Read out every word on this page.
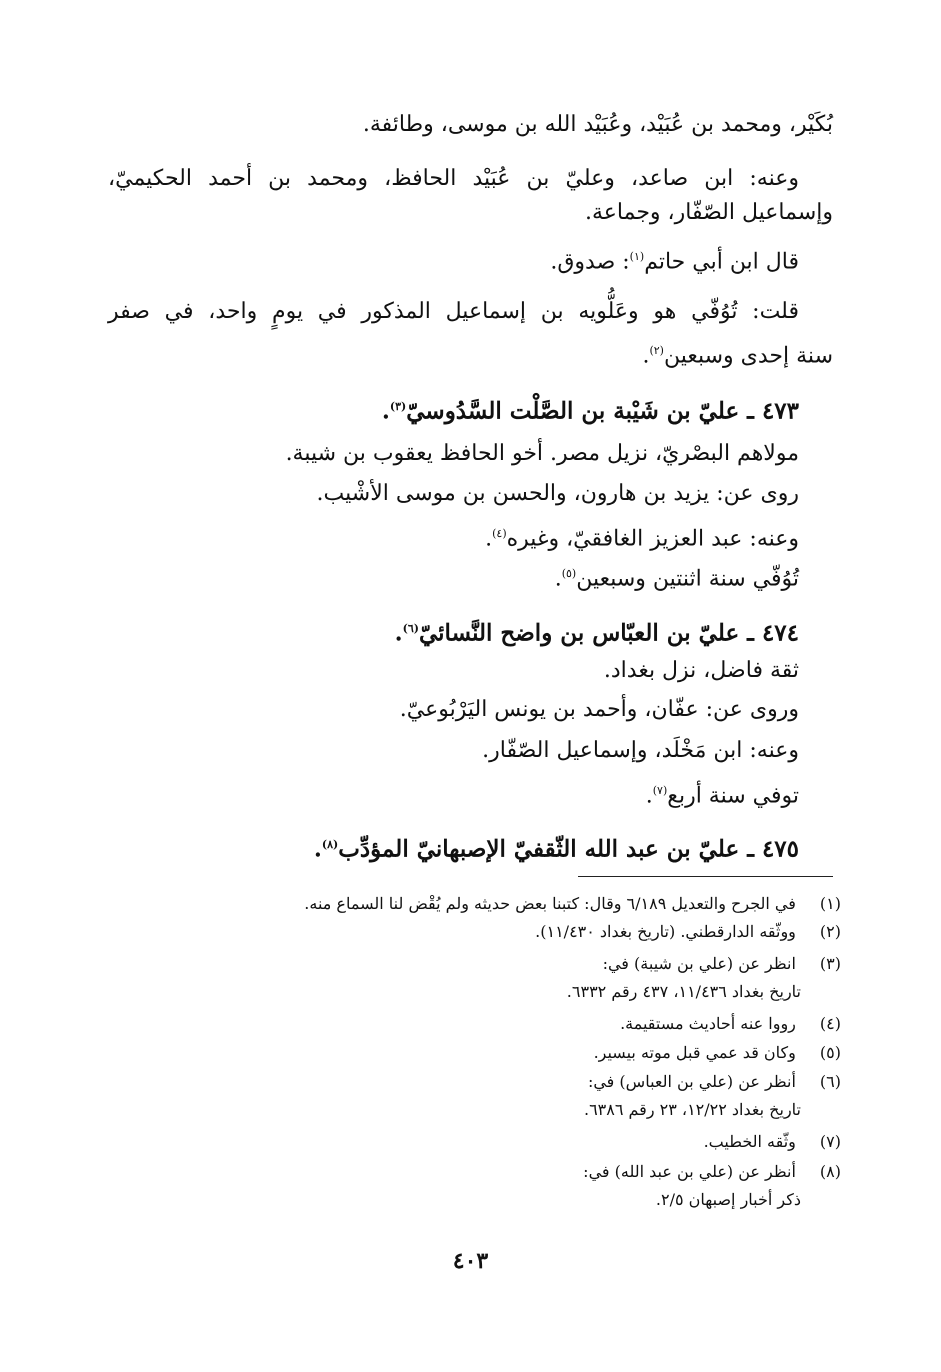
بُكَيْر، ومحمد بن عُبَيْد، وعُبَيْد الله بن موسى، وطائفة.
وعنه: ابن صاعد، وعليّ بن عُبَيْد الحافظ، ومحمد بن أحمد الحكيميّ،
وإسماعيل الصّفّار، وجماعة.
قال ابن أبي حاتم$^{(١)}$: صدوق.
قلت: تُوُفّي هو وعَلُّويه بن إسماعيل المذكور في يومٍ واحد، في صفر
سنة إحدى وسبعين$^{(٢)}$.
٤٧٣ ـ عليّ بن شَيْبة بن الصَّلْت السَّدُوسيّ$^{(٣)}$.
مولاهم البصْريّ، نزيل مصر. أخو الحافظ يعقوب بن شيبة.
روى عن: يزيد بن هارون، والحسن بن موسى الأشْيب.
وعنه: عبد العزيز الغافقيّ، وغيره$^{(٤)}$.
تُوُفّي سنة اثنتين وسبعين$^{(٥)}$.
٤٧٤ ـ عليّ بن العبّاس بن واضح النَّسائيّ$^{(٦)}$.
ثقة فاضل، نزل بغداد.
وروى عن: عفّان، وأحمد بن يونس اليَرْبُوعيّ.
وعنه: ابن مَخْلَد، وإسماعيل الصّفّار.
توفي سنة أربع$^{(٧)}$.
٤٧٥ ـ عليّ بن عبد الله الثّقفيّ الإصبهانيّ المؤدِّب$^{(٨)}$.
(١) في الجرح والتعديل ٦/١٨٩ وقال: كتبنا بعض حديثه ولم يُقْض لنا السماع منه.
(٢) ووثّقه الدارقطني. (تاريخ بغداد ١١/٤٣٠).
(٣) انظر عن (علي بن شيبة) في:
تاريخ بغداد ١١/٤٣٦، ٤٣٧ رقم ٦٣٣٢.
(٤) رووا عنه أحاديث مستقيمة.
(٥) وكان قد عمي قبل موته بيسير.
(٦) أنظر عن (علي بن العباس) في:
تاريخ بغداد ١٢/٢٢، ٢٣ رقم ٦٣٨٦.
(٧) وثّقه الخطيب.
(٨) أنظر عن (علي بن عبد الله) في:
ذكر أخبار إصبهان ٢/٥.
٤٠٣
